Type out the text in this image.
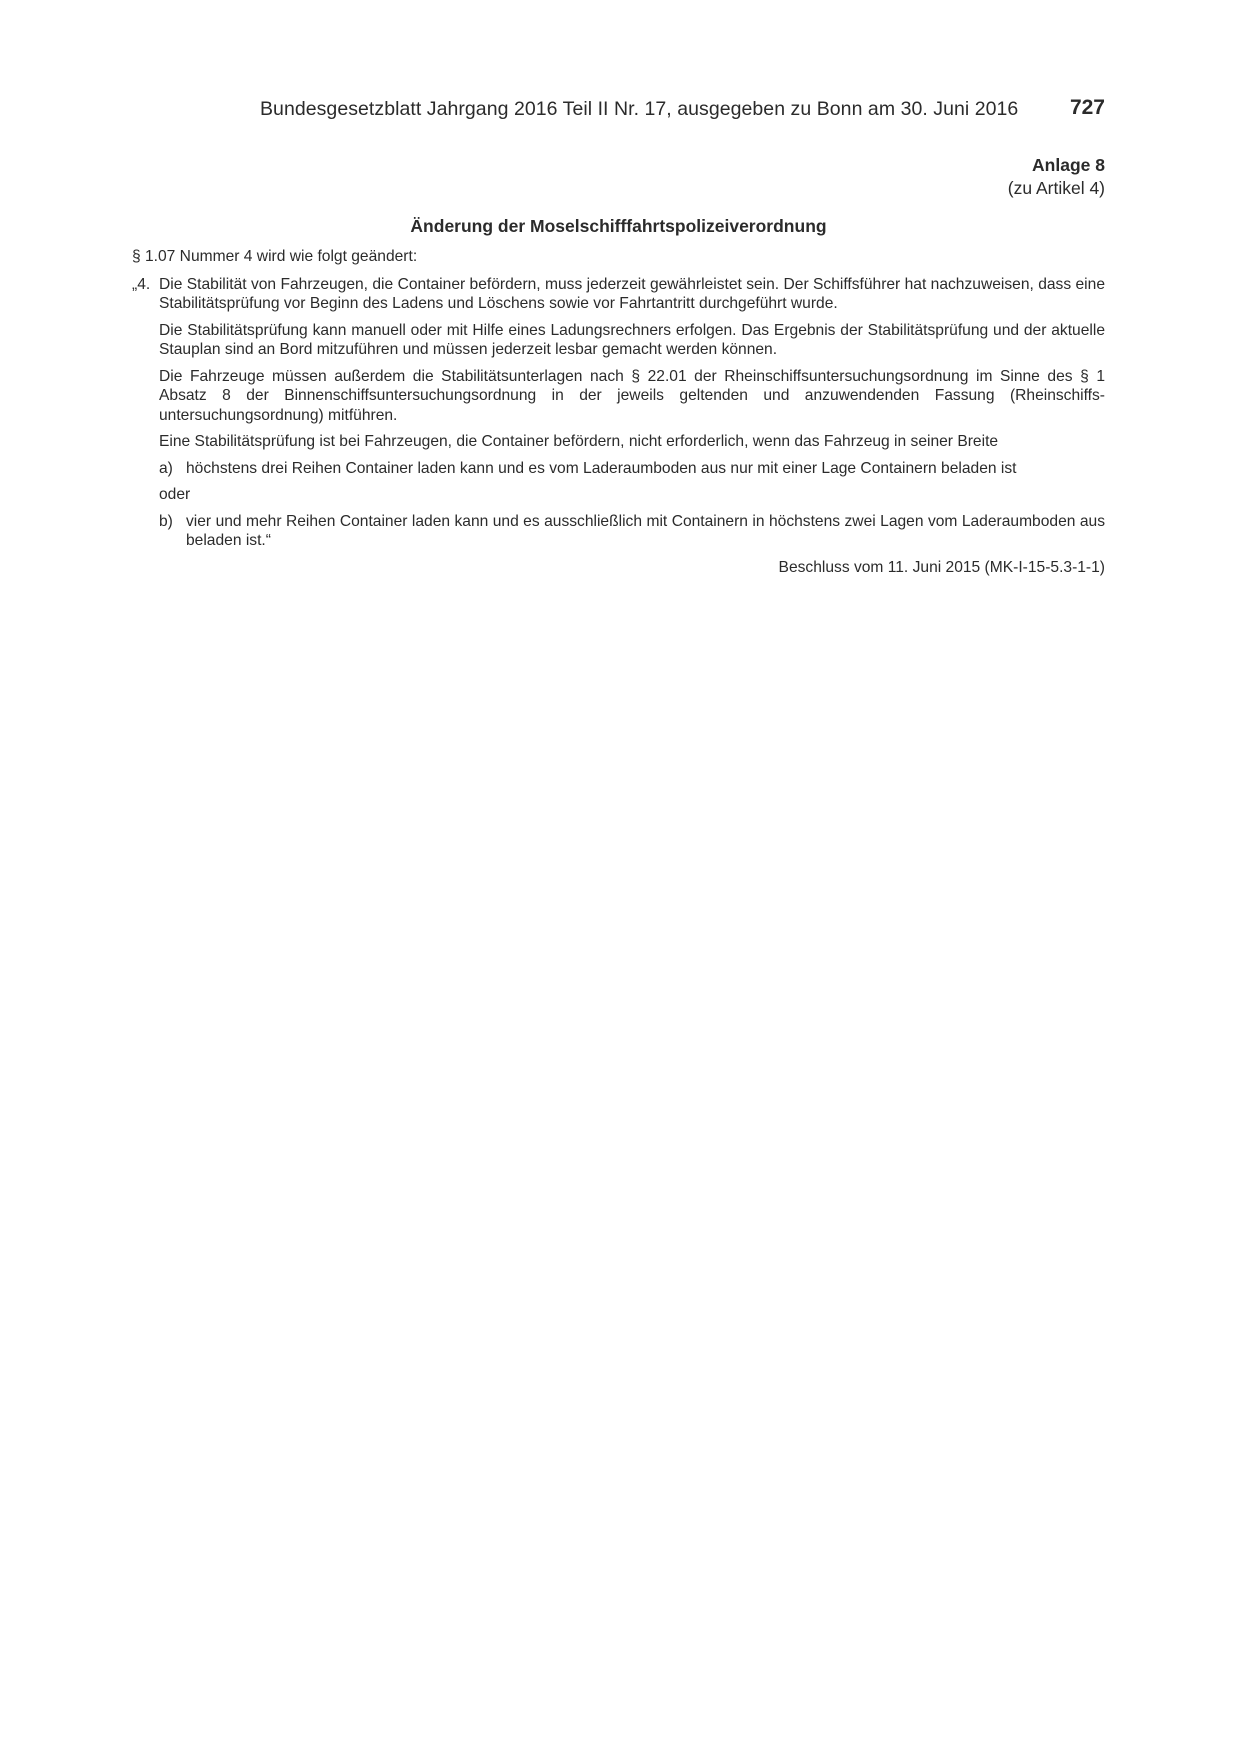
Bundesgesetzblatt Jahrgang 2016 Teil II Nr. 17, ausgegeben zu Bonn am 30. Juni 2016 727
Anlage 8
(zu Artikel 4)
Änderung der Moselschifffahrtspolizeiverordnung

§ 1.07 Nummer 4 wird wie folgt geändert:

„4. Die Stabilität von Fahrzeugen, die Container befördern, muss jederzeit gewährleistet sein. Der Schiffsführer hat nachzuweisen, dass eine Stabilitätsprüfung vor Beginn des Ladens und Löschens sowie vor Fahrtantritt durchgeführt wurde.

Die Stabilitätsprüfung kann manuell oder mit Hilfe eines Ladungsrechners erfolgen. Das Ergebnis der Stabilitätsprüfung und der aktuelle Stauplan sind an Bord mitzuführen und müssen jederzeit lesbar gemacht werden können.

Die Fahrzeuge müssen außerdem die Stabilitätsunterlagen nach § 22.01 der Rheinschiffsuntersuchungsordnung im Sinne des § 1 Absatz 8 der Binnenschiffsuntersuchungsordnung in der jeweils geltenden und anzuwendenden Fassung (Rheinschiffsuntersuchungsordnung) mitführen.

Eine Stabilitätsprüfung ist bei Fahrzeugen, die Container befördern, nicht erforderlich, wenn das Fahrzeug in seiner Breite

a) höchstens drei Reihen Container laden kann und es vom Laderaumboden aus nur mit einer Lage Containern beladen ist

oder

b) vier und mehr Reihen Container laden kann und es ausschließlich mit Containern in höchstens zwei Lagen vom Laderaumboden aus beladen ist.“
Beschluss vom 11. Juni 2015 (MK-I-15-5.3-1-1)
